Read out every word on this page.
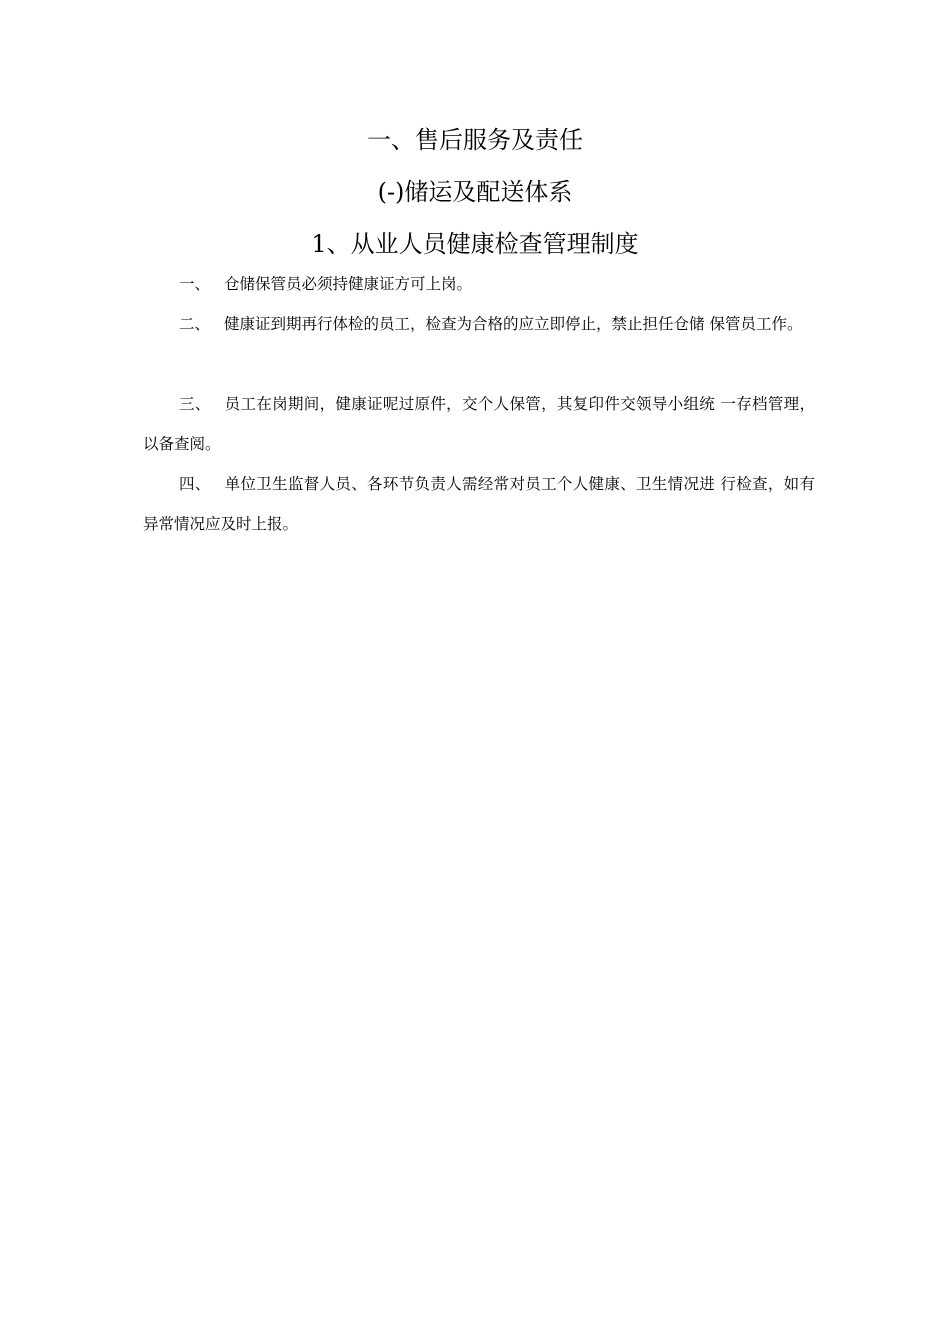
一、售后服务及责任
(-)储运及配送体系
1、从业人员健康检查管理制度

一、 仓储保管员必须持健康证方可上岗。

二、 健康证到期再行体检的员工，检查为合格的应立即停止，禁止担任仓储 保管员工作。

三、 员工在岗期间，健康证呢过原件，交个人保管，其复印件交领导小组统 一存档管理，以备查阅。

四、 单位卫生监督人员、各环节负责人需经常对员工个人健康、卫生情况进 行检查，如有异常情况应及时上报。
